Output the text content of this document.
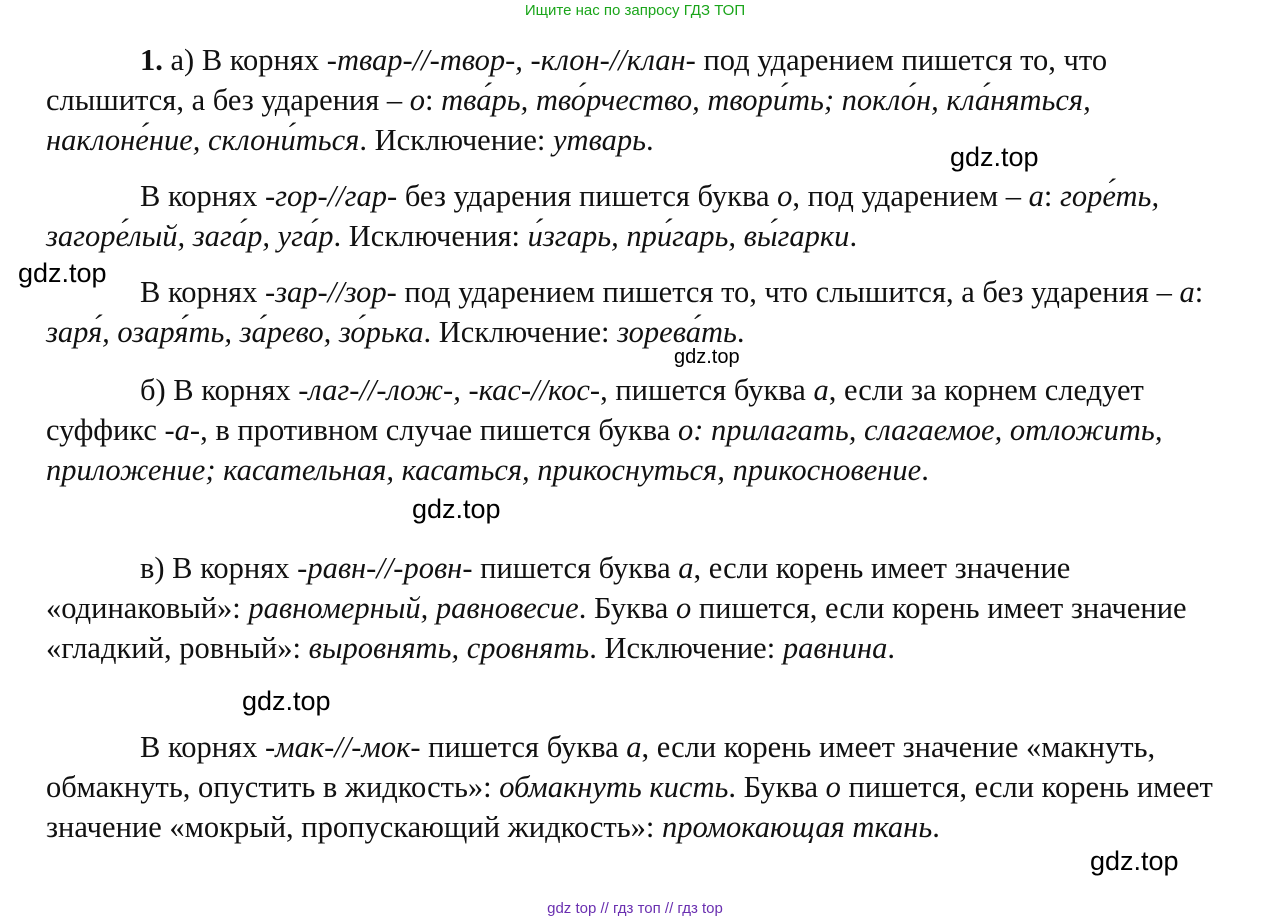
Ищите нас по запросу ГДЗ ТОП

1. а) В корнях -твар-//-твор-, -клон-//клан- под ударением пишется то, что слышится, а без ударения – о: тва́рь, тво́рчество, твори́ть; покло́н, кла́няться, наклоне́ние, склони́ться. Исключение: утварь.

В корнях -гор-//гар- без ударения пишется буква о, под ударением – а: горе́ть, загоре́лый, зага́р, уга́р. Исключения: и́згарь, при́гарь, вы́гарки.

В корнях -зар-//зор- под ударением пишется то, что слышится, а без ударения – а: заря́, озаря́ть, за́рево, зо́рька. Исключение: зорева́ть.

б) В корнях -лаг-//-лож-, -кас-//кос-, пишется буква а, если за корнем следует суффикс -а-, в противном случае пишется буква о: прилагать, слагаемое, отложить, приложение; касательная, касаться, прикоснуться, прикосновение.

в) В корнях -равн-//-ровн- пишется буква а, если корень имеет значение «одинаковый»: равномерный, равновесие. Буква о пишется, если корень имеет значение «гладкий, ровный»: выровнять, сровнять. Исключение: равнина.

В корнях -мак-//-мок- пишется буква а, если корень имеет значение «макнуть, обмакнуть, опустить в жидкость»: обмакнуть кисть. Буква о пишется, если корень имеет значение «мокрый, пропускающий жидкость»: промокающая ткань.

gdz.top
gdz.top
gdz.top
gdz.top
gdz.top
gdz.top
gdz top // гдз топ // гдз top
